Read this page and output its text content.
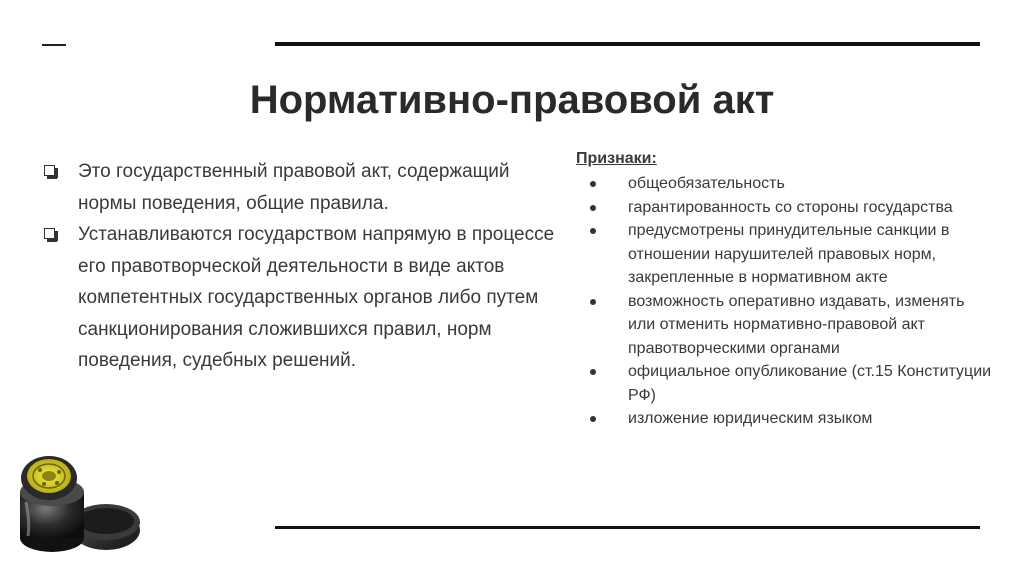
Нормативно-правовой акт
Это государственный правовой акт, содержащий нормы поведения, общие правила.
Устанавливаются государством напрямую в процессе его правотворческой деятельности в виде актов компетентных государственных органов либо путем санкционирования сложившихся правил, норм поведения, судебных решений.
Признаки:
общеобязательность
гарантированность со стороны государства
предусмотрены принудительные санкции в отношении нарушителей правовых норм, закрепленные в нормативном акте
возможность оперативно издавать, изменять или отменить нормативно-правовой акт правотворческими органами
официальное опубликование (ст.15 Конституции РФ)
изложение юридическим языком
